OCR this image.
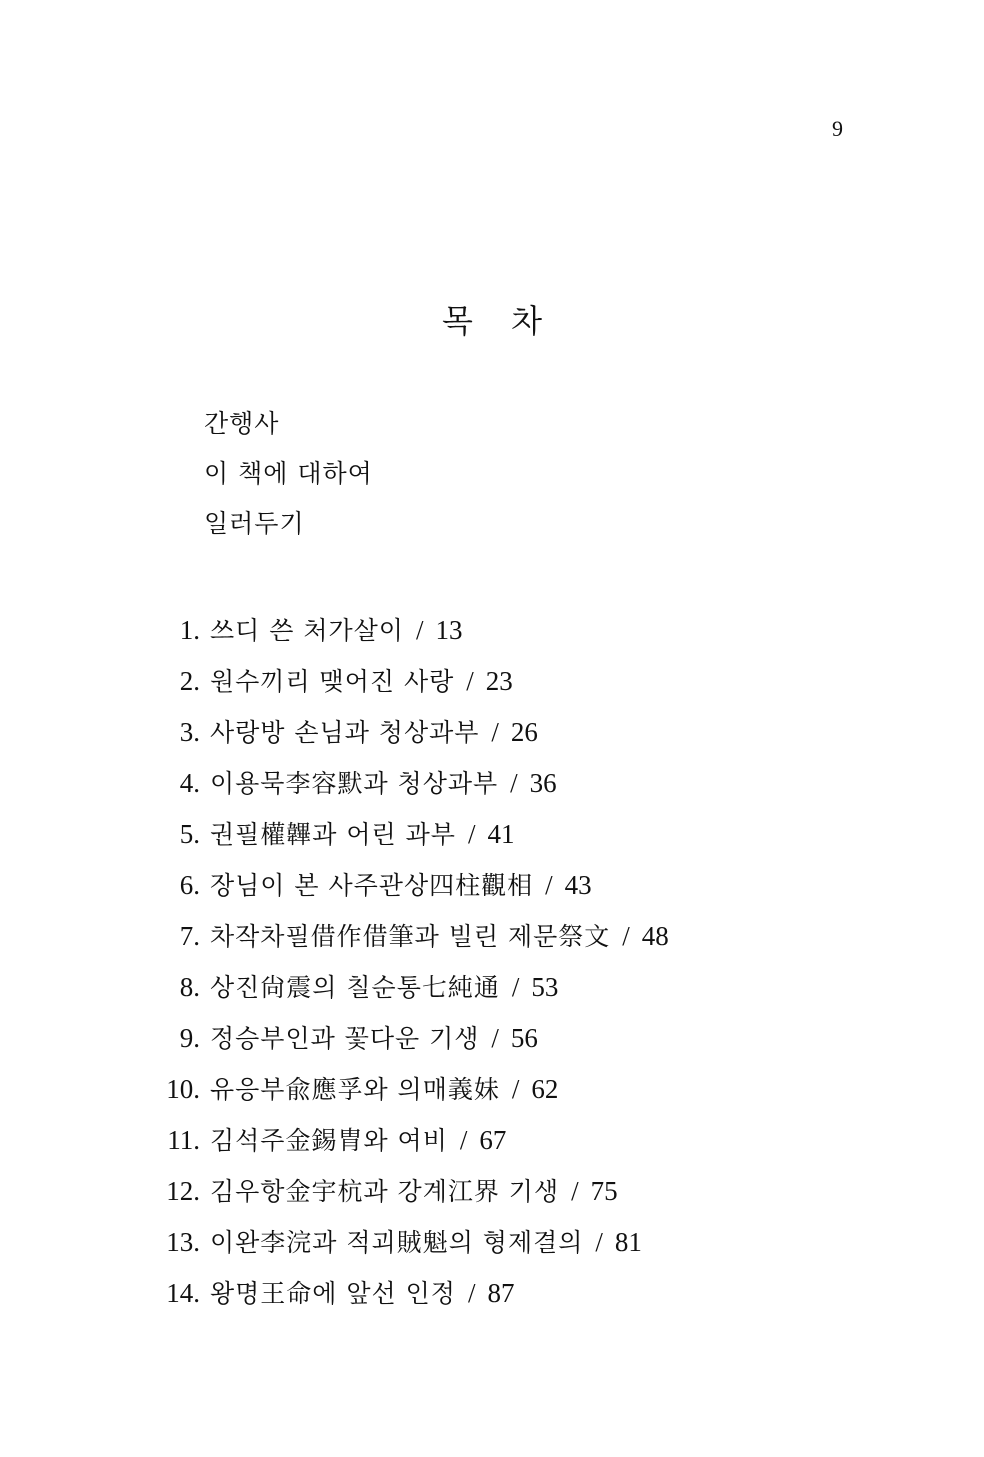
9
목 차
간행사
이 책에 대하여
일러두기
1. 쓰디 쓴 처가살이 / 13
2. 원수끼리 맺어진 사랑 / 23
3. 사랑방 손님과 청상과부 / 26
4. 이용묵李容默과 청상과부 / 36
5. 권필權韠과 어린 과부 / 41
6. 장님이 본 사주관상四柱觀相 / 43
7. 차작차필借作借筆과 빌린 제문祭文 / 48
8. 상진尙震의 칠순통七純通 / 53
9. 정승부인과 꽃다운 기생 / 56
10. 유응부兪應孚와 의매義妹 / 62
11. 김석주金錫胄와 여비 / 67
12. 김우항金宇杭과 강계江界 기생 / 75
13. 이완李浣과 적괴賊魁의 형제결의 / 81
14. 왕명王命에 앞선 인정 / 87
